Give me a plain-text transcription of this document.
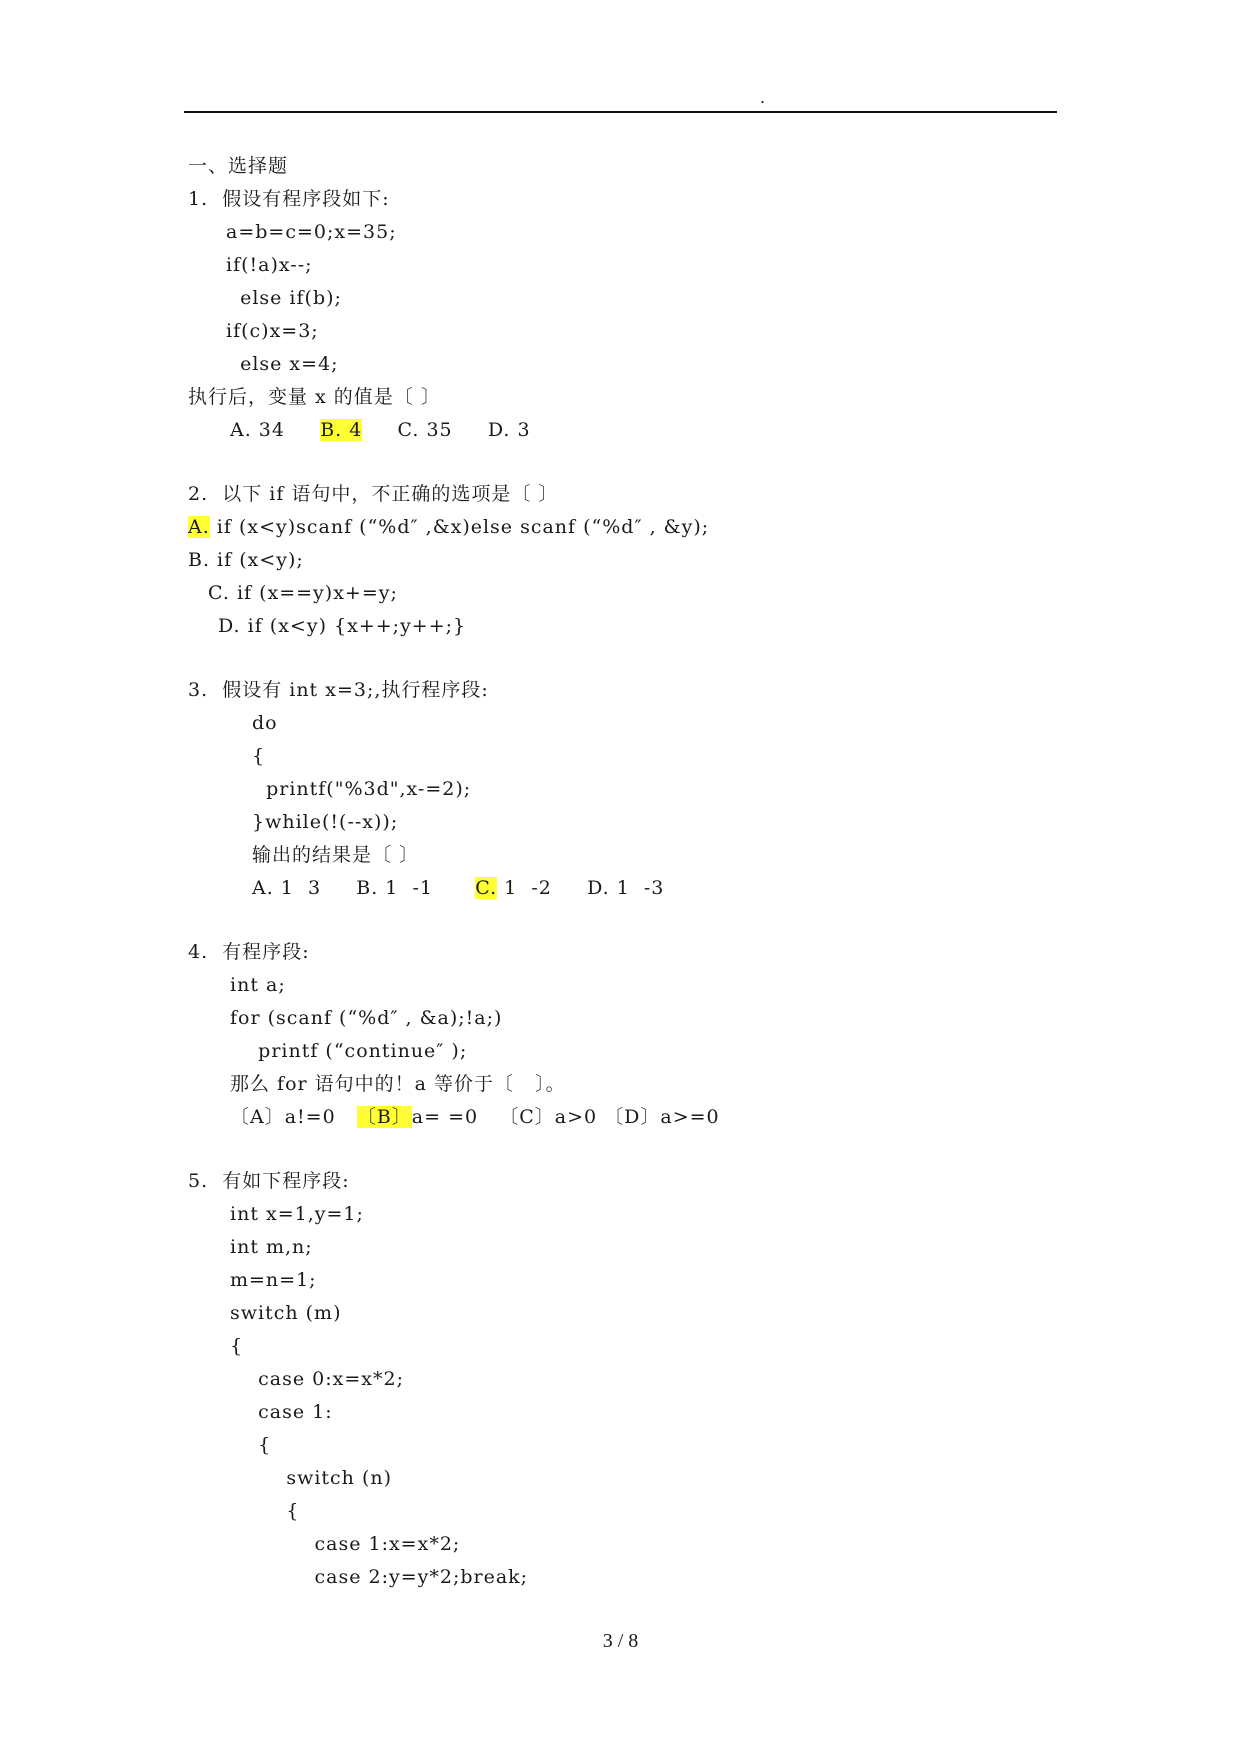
.
一、选择题
1.  假设有程序段如下:
a=b=c=0;x=35;
if(!a)x--;
else if(b);
if(c)x=3;
else x=4;
执行后，变量 x 的值是〔 〕
A. 34 B. 4 C. 35 D. 3
2.  以下 if 语句中，不正确的选项是〔 〕
A. if (x<y)scanf (“%d″ ,&x)else scanf (“%d″ , &y);
B. if (x<y);
C. if (x==y)x+=y;
D. if (x<y) {x++;y++;}
3.  假设有 int x=3;,执行程序段:
do
{
printf("%3d",x-=2);
}while(!(--x));
输出的结果是〔 〕
A. 1  3 B. 1  -1 C. 1  -2 D. 1  -3
4.  有程序段:
int a;
for (scanf (“%d″ , &a);!a;)
printf (“continue″ );
那么 for 语句中的！a 等价于〔   〕。
〔A〕a!=0 〔B〕a= =0 〔C〕a>0 〔D〕a>=0
5.  有如下程序段:
int x=1,y=1;
int m,n;
m=n=1;
switch (m)
{
case 0:x=x*2;
case 1:
{
switch (n)
{
case 1:x=x*2;
case 2:y=y*2;break;
3 / 8
